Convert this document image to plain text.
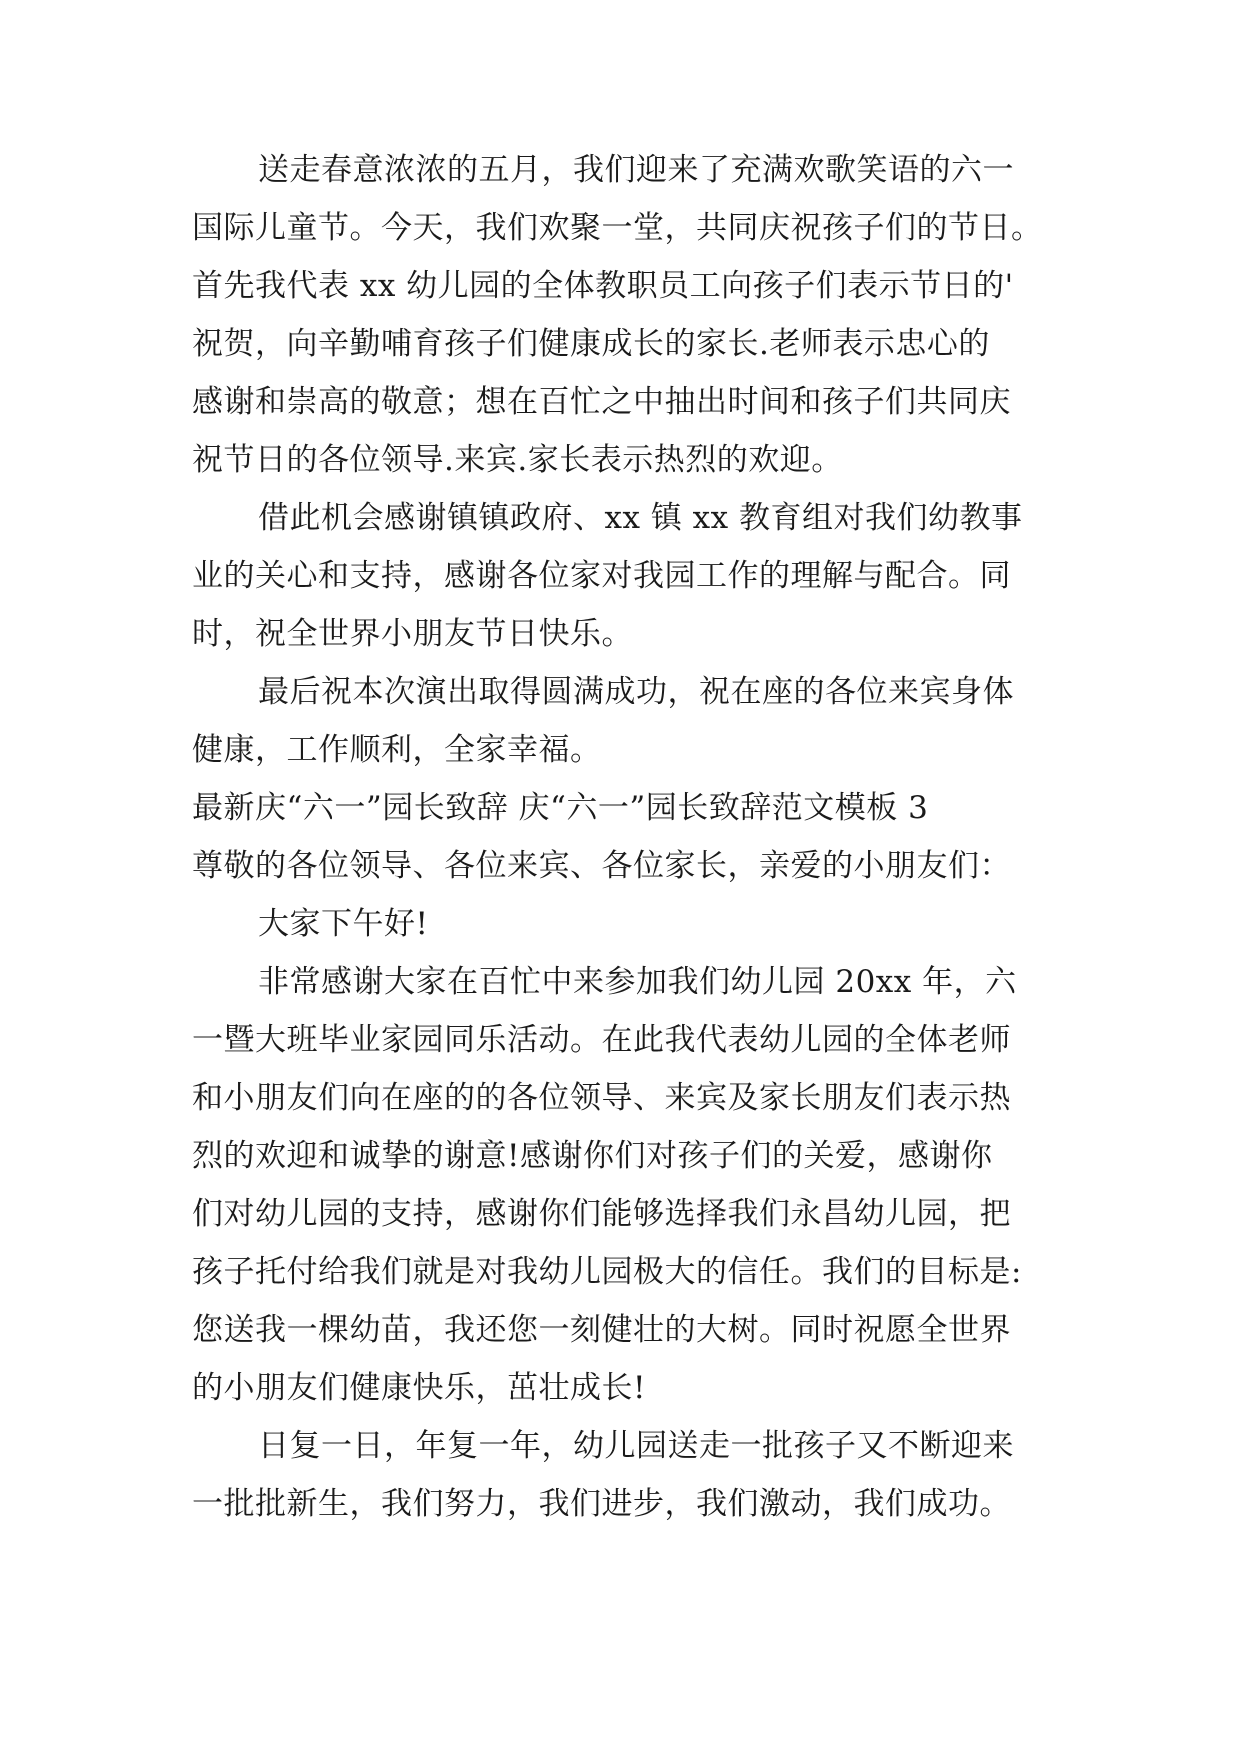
送走春意浓浓的五月，我们迎来了充满欢歌笑语的六一
国际儿童节。今天，我们欢聚一堂，共同庆祝孩子们的节日。
首先我代表 xx 幼儿园的全体教职员工向孩子们表示节日的'
祝贺，向辛勤哺育孩子们健康成长的家长.老师表示忠心的
感谢和崇高的敬意；想在百忙之中抽出时间和孩子们共同庆
祝节日的各位领导.来宾.家长表示热烈的欢迎。
借此机会感谢镇镇政府、xx 镇 xx 教育组对我们幼教事
业的关心和支持，感谢各位家对我园工作的理解与配合。同
时，祝全世界小朋友节日快乐。
最后祝本次演出取得圆满成功，祝在座的各位来宾身体
健康，工作顺利，全家幸福。
最新庆“六一”园长致辞 庆“六一”园长致辞范文模板 3
尊敬的各位领导、各位来宾、各位家长，亲爱的小朋友们：
大家下午好!
非常感谢大家在百忙中来参加我们幼儿园 20xx 年，六
一暨大班毕业家园同乐活动。在此我代表幼儿园的全体老师
和小朋友们向在座的的各位领导、来宾及家长朋友们表示热
烈的欢迎和诚挚的谢意!感谢你们对孩子们的关爱，感谢你
们对幼儿园的支持，感谢你们能够选择我们永昌幼儿园，把
孩子托付给我们就是对我幼儿园极大的信任。我们的目标是:
您送我一棵幼苗，我还您一刻健壮的大树。同时祝愿全世界
的小朋友们健康快乐，茁壮成长!
日复一日，年复一年，幼儿园送走一批孩子又不断迎来
一批批新生，我们努力，我们进步，我们激动，我们成功。
